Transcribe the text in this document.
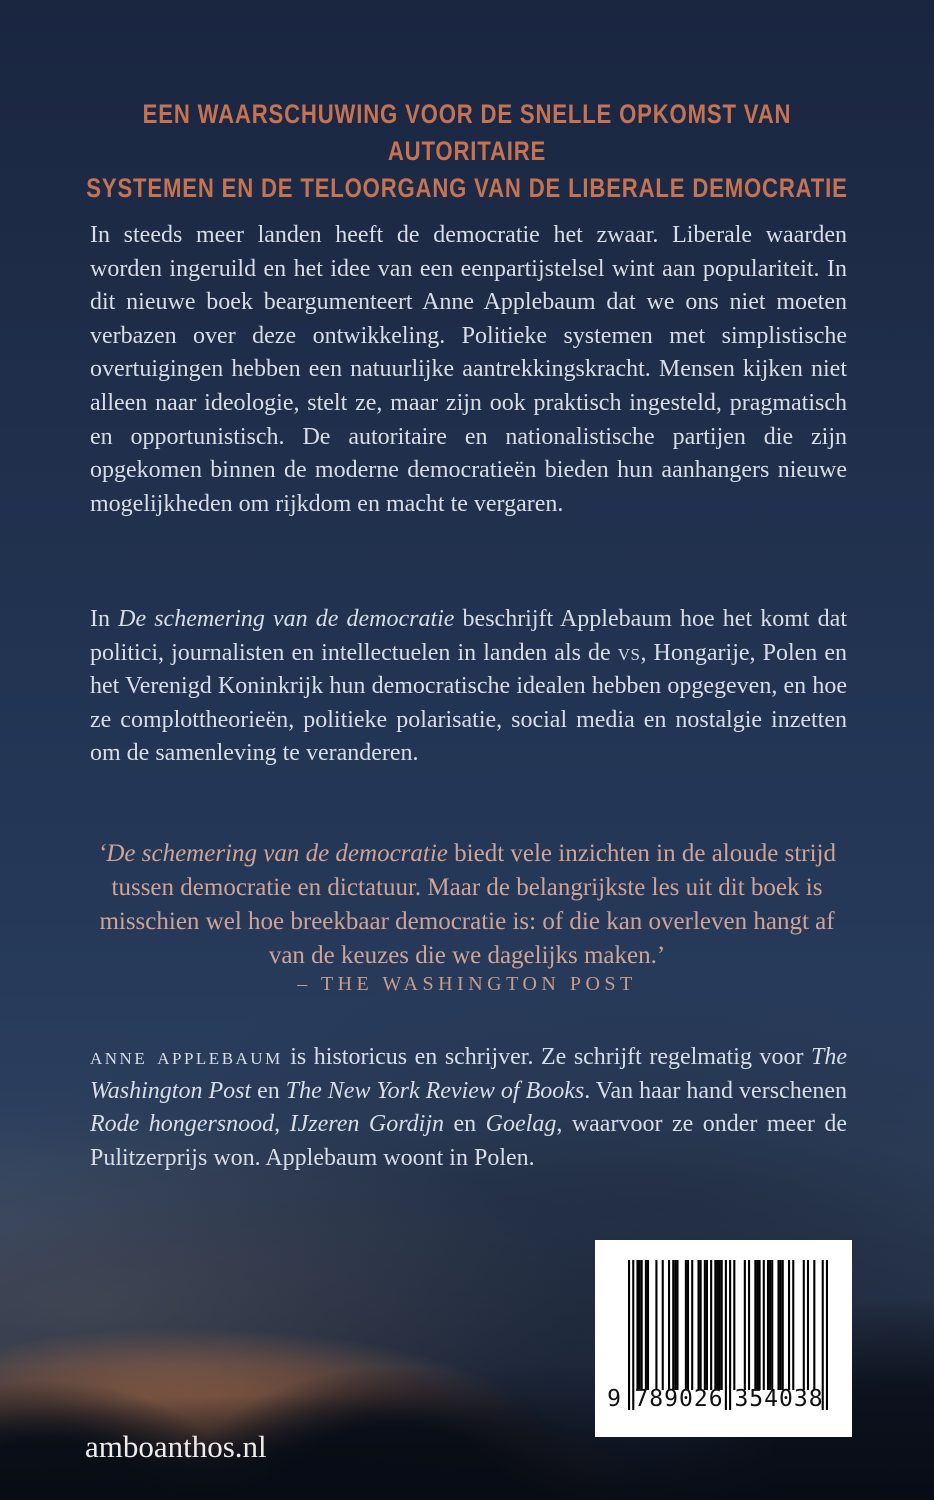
EEN WAARSCHUWING VOOR DE SNELLE OPKOMST VAN AUTORITAIRE
SYSTEMEN EN DE TELOORGANG VAN DE LIBERALE DEMOCRATIE

In steeds meer landen heeft de democratie het zwaar. Liberale waarden worden ingeruild en het idee van een eenpartijstelsel wint aan populariteit. In dit nieuwe boek beargumenteert Anne Applebaum dat we ons niet moeten verbazen over deze ontwikkeling. Politieke systemen met simplistische overtuigingen hebben een natuurlijke aantrekkingskracht. Mensen kijken niet alleen naar ideologie, stelt ze, maar zijn ook praktisch ingesteld, pragmatisch en opportunistisch. De autoritaire en nationalistische partijen die zijn opgekomen binnen de moderne democratieën bieden hun aanhangers nieuwe mogelijkheden om rijkdom en macht te vergaren.

In De schemering van de democratie beschrijft Applebaum hoe het komt dat politici, journalisten en intellectuelen in landen als de vs, Hongarije, Polen en het Verenigd Koninkrijk hun democratische idealen hebben opgegeven, en hoe ze complottheorieën, politieke polarisatie, social media en nostalgie inzetten om de samenleving te veranderen.

‘De schemering van de democratie biedt vele inzichten in de aloude strijd tussen democratie en dictatuur. Maar de belangrijkste les uit dit boek is misschien wel hoe breekbaar democratie is: of die kan overleven hangt af van de keuzes die we dagelijks maken.’

– THE WASHINGTON POST

anne applebaum is historicus en schrijver. Ze schrijft regelmatig voor The Washington Post en The New York Review of Books. Van haar hand verschenen Rode hongersnood, IJzeren Gordijn en Goelag, waarvoor ze onder meer de Pulitzerprijs won. Applebaum woont in Polen.

9 789026 354038

amboanthos.nl
